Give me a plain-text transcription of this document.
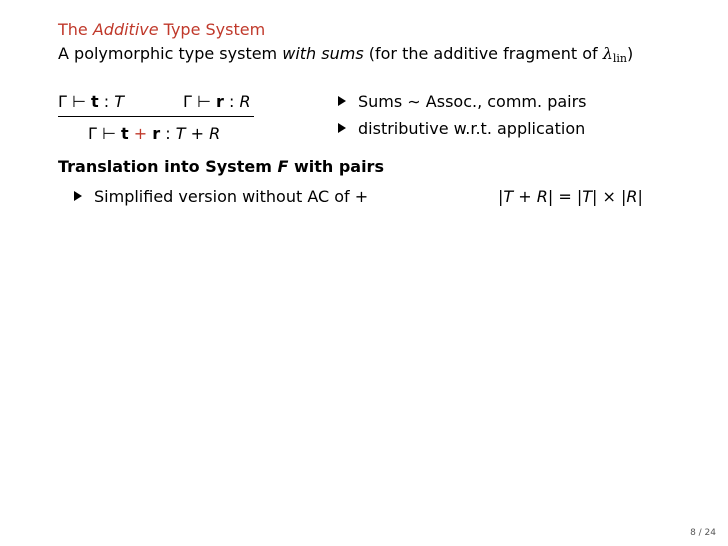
The Additive Type System
A polymorphic type system with sums (for the additive fragment of $\lambda_{lin}$)
Γ ⊢ t : T	Γ ⊢ r : R
Γ ⊢ t + r : T + R
Sums ∼ Assoc., comm. pairs
distributive w.r.t. application
Translation into System F with pairs
Simplified version without AC of +	|T + R| = |T| × |R|
8 / 24
